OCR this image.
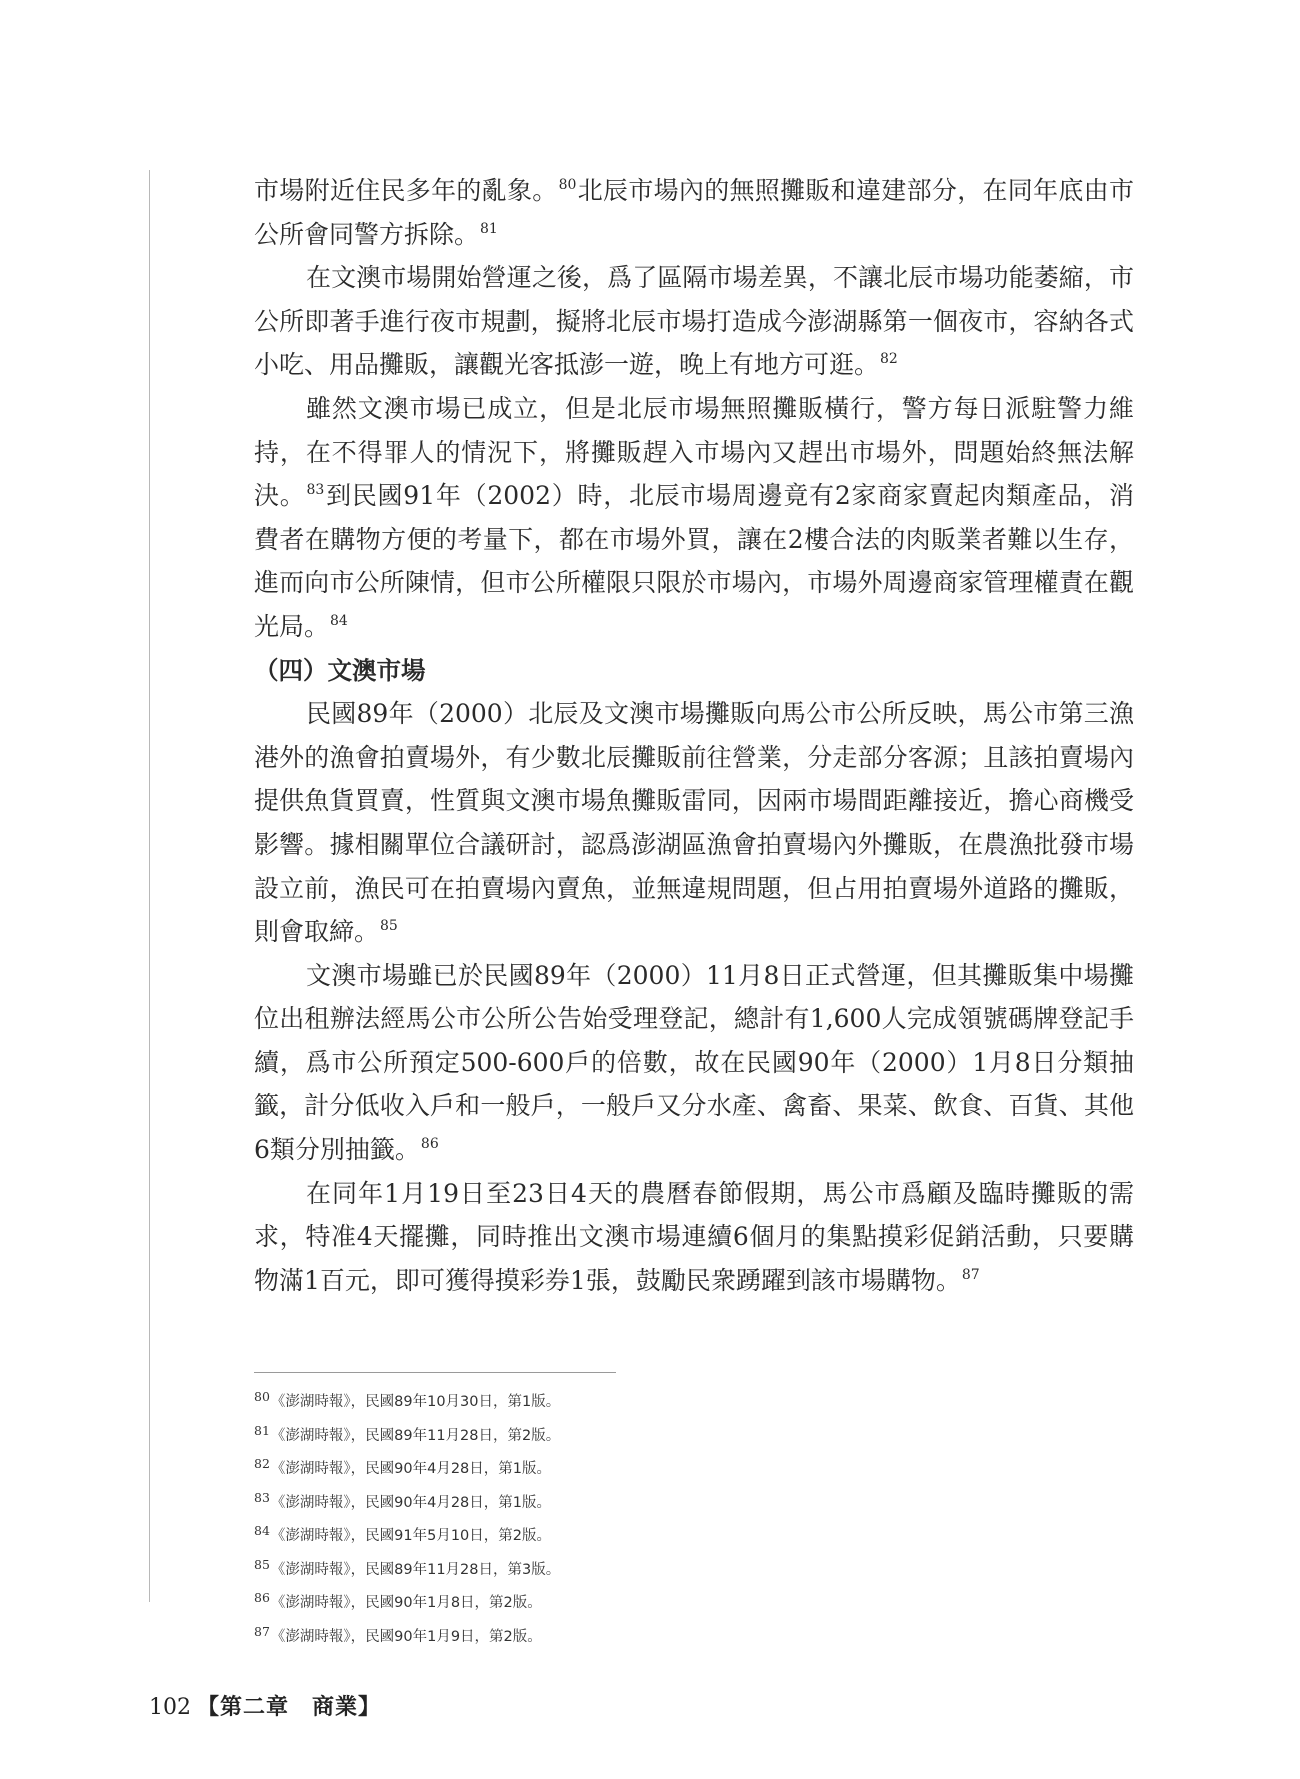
市場附近住民多年的亂象。$^{80}$北辰市場內的無照攤販和違建部分，在同年底由市公所會同警方拆除。$^{81}$

在文澳市場開始營運之後，爲了區隔市場差異，不讓北辰市場功能萎縮，市公所即著手進行夜市規劃，擬將北辰市場打造成今澎湖縣第一個夜市，容納各式小吃、用品攤販，讓觀光客抵澎一遊，晚上有地方可逛。$^{82}$

雖然文澳市場已成立，但是北辰市場無照攤販橫行，警方每日派駐警力維持，在不得罪人的情況下，將攤販趕入市場內又趕出市場外，問題始終無法解決。$^{83}$到民國91年（2002）時，北辰市場周邊竟有2家商家賣起肉類產品，消費者在購物方便的考量下，都在市場外買，讓在2樓合法的肉販業者難以生存，進而向市公所陳情，但市公所權限只限於市場內，市場外周邊商家管理權責在觀光局。$^{84}$

（四）文澳市場

民國89年（2000）北辰及文澳市場攤販向馬公市公所反映，馬公市第三漁港外的漁會拍賣場外，有少數北辰攤販前往營業，分走部分客源；且該拍賣場內提供魚貨買賣，性質與文澳市場魚攤販雷同，因兩市場間距離接近，擔心商機受影響。據相關單位合議研討，認爲澎湖區漁會拍賣場內外攤販，在農漁批發市場設立前，漁民可在拍賣場內賣魚，並無違規問題，但占用拍賣場外道路的攤販，則會取締。$^{85}$

文澳市場雖已於民國89年（2000）11月8日正式營運，但其攤販集中場攤位出租辦法經馬公市公所公告始受理登記，總計有1,600人完成領號碼牌登記手續，爲市公所預定500-600戶的倍數，故在民國90年（2000）1月8日分類抽籤，計分低收入戶和一般戶，一般戶又分水產、禽畜、果菜、飲食、百貨、其他6類分別抽籤。$^{86}$

在同年1月19日至23日4天的農曆春節假期，馬公市爲顧及臨時攤販的需求，特准4天擺攤，同時推出文澳市場連續6個月的集點摸彩促銷活動，只要購物滿1百元，即可獲得摸彩券1張，鼓勵民衆踴躍到該市場購物。$^{87}$

80《澎湖時報》，民國89年10月30日，第1版。
81《澎湖時報》，民國89年11月28日，第2版。
82《澎湖時報》，民國90年4月28日，第1版。
83《澎湖時報》，民國90年4月28日，第1版。
84《澎湖時報》，民國91年5月10日，第2版。
85《澎湖時報》，民國89年11月28日，第3版。
86《澎湖時報》，民國90年1月8日，第2版。
87《澎湖時報》，民國90年1月9日，第2版。
102 【第二章　商業】
